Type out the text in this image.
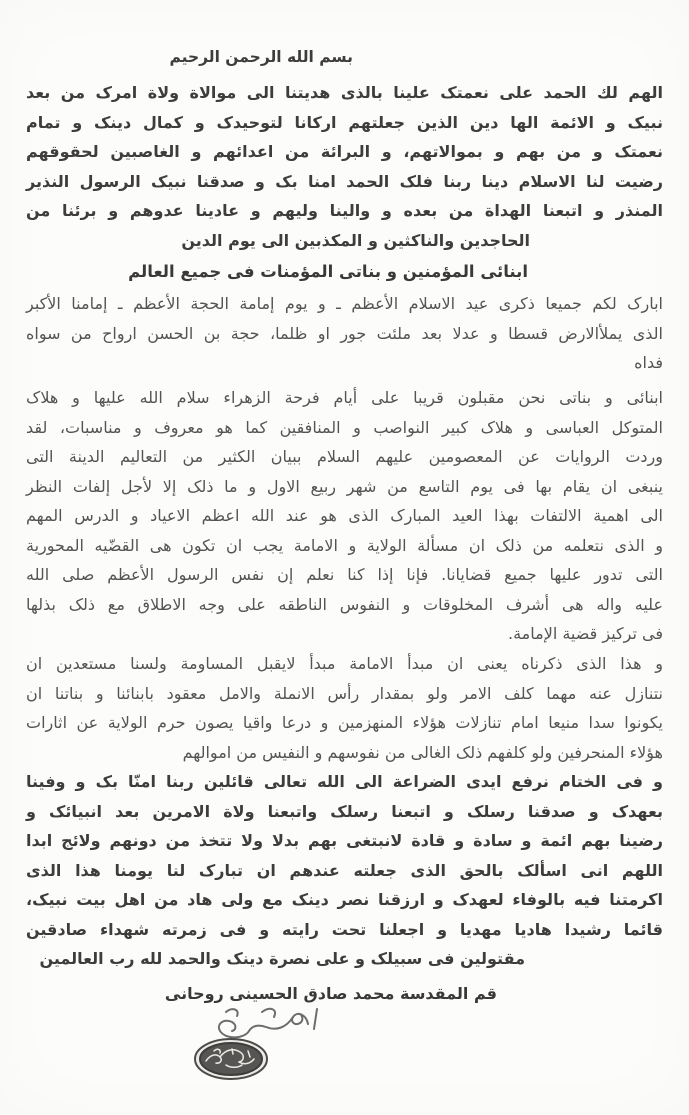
بسم الله الرحمن الرحيم
الهم لك الحمد على نعمتک علينا بالذى هديتنا الى موالاة ولاة امرک من بعد
نبيک و الائمة الها دين الذين جعلتهم اركانا لتوحيدک و كمال دينک و تمام
نعمتک و من بهم و بموالاتهم، و البرائة من اعدائهم و الغاصبين لحقوقهم
رضيت لنا الاسلام دينا ربنا فلک الحمد امنا بک و صدقنا نبيک الرسول النذير
المنذر و اتبعنا الهداة من بعده و والينا وليهم و عادينا عدوهم و برئنا من
الحاجدين والناكثين و المكذبين الى يوم الدين
ابنائى المؤمنين و بناتى المؤمنات فى جميع العالم
ابارک لكم جميعا ذكرى عيد الاسلام الأعظم ـ و يوم إمامة الحجة الأعظم ـ إمامنا الأكبر
الذى يملأالارض قسطا و عدلا بعد ملئت جور او ظلما، حجة بن الحسن ارواح من سواه
فداه
ابنائى و بناتى نحن مقبلون قريبا على أيام فرحة الزهراء سلام الله عليها و هلاک
المتوكل العباسى و هلاک كبير النواصب و المنافقين كما هو معروف و مناسبات، لقد
وردت الروايات عن المعصومين عليهم السلام ببيان الكثير من التعاليم الدينة التى
ينبغى ان يقام بها فى يوم التاسع من شهر ربيع الاول و ما ذلک إلا لأجل إلفات النظر
الى اهمية الالتفات بهذا العيد المبارک الذى هو عند الله اعظم الاعياد و الدرس المهم
و الذى نتعلمه من ذلک ان مسألة الولاية و الامامة يجب ان تكون هى القضّيه المحورية
التى تدور عليها جميع قضايانا. فإنا إذا كنا نعلم إن نفس الرسول الأعظم صلى الله
عليه واله هى أشرف المخلوقات و النفوس الناطقه على وجه الاطلاق مع ذلک بذلها
فى تركيز قضية الإمامة.
و هذا الذى ذكرناه يعنى ان مبدأ الامامة مبدأ لايقبل المساومة ولسنا مستعدين ان
نتنازل عنه مهما كلف الامر ولو بمقدار رأس الانملة والامل معقود بابنائنا و بناتنا ان
يكونوا سدا منيعا امام تنازلات هؤلاء المنهزمين و درعا واقيا يصون حرم الولاية عن اثارات
هؤلاء المنحرفين ولو كلفهم ذلک الغالى من نفوسهم و النفيس من اموالهم
و فى الختام نرفع ايدى الضراعة الى الله تعالى قائلين ربنا امنّا بک و وفينا
بعهدک و صدقنا رسلک و اتبعنا رسلک واتبعنا ولاة الامرين بعد انبيائک و
رضينا بهم ائمة و سادة و قادة لانبتغى بهم بدلا ولا تتخذ من دونهم ولائج ابدا
اللهم انى اسألک بالحق الذى جعلته عندهم ان تبارک لنا يومنا هذا الذى
اكرمتنا فيه بالوفاء لعهدک و ارزقنا نصر دينک مع ولى هاد من اهل بيت نبيک،
قائما رشيدا هاديا مهديا و اجعلنا تحت رايته و فى زمرته شهداء صادقين
مقتولين فى سبيلک و على نصرة دينک والحمد لله رب العالمين
قم المقدسة محمد صادق الحسينى روحانى
